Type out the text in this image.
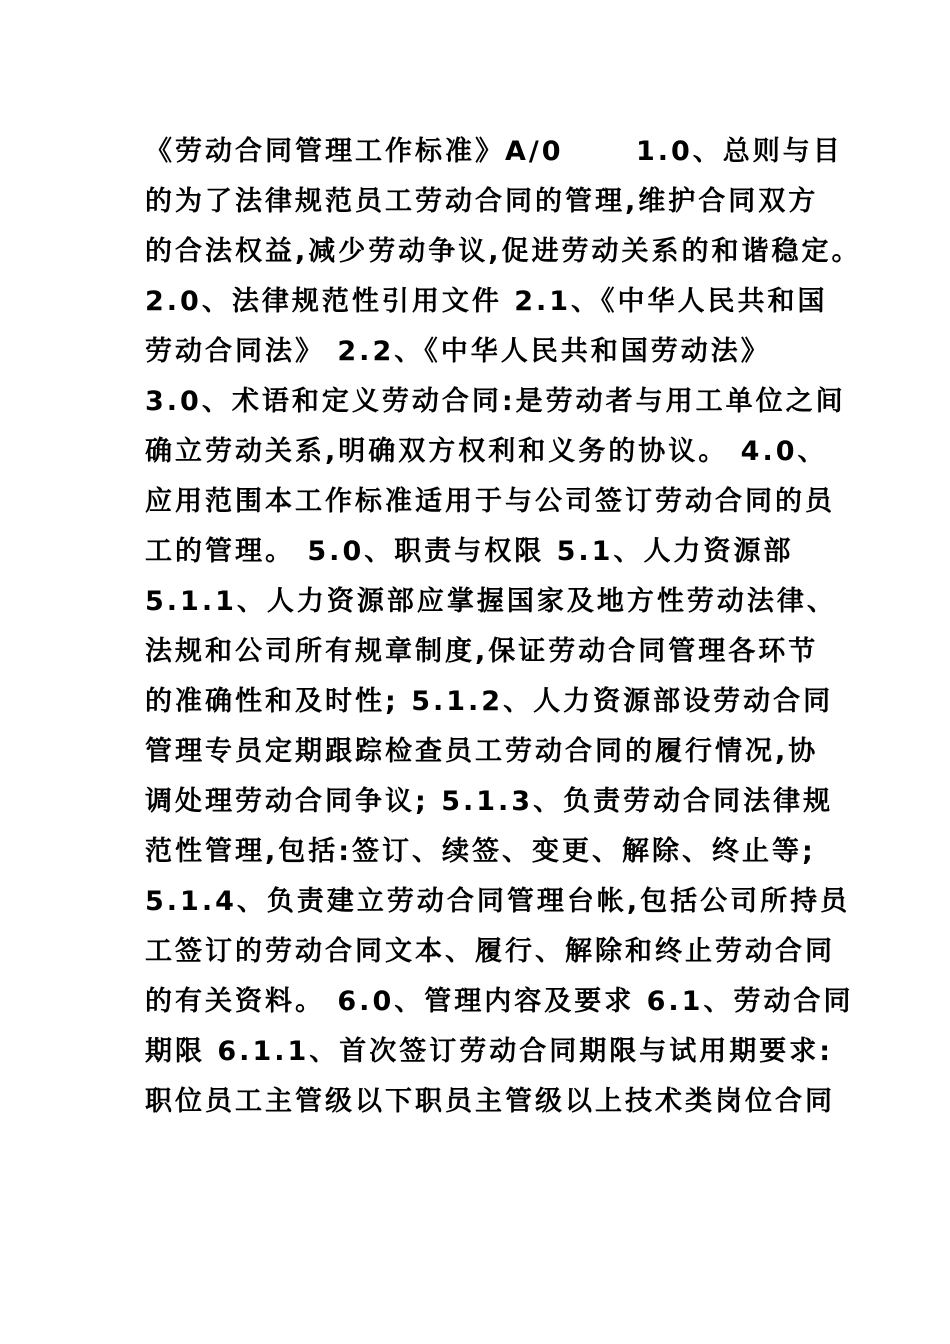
《劳动合同管理工作标准》A/0　　 1.0、总则与目
的为了法律规范员工劳动合同的管理,维护合同双方
的合法权益,减少劳动争议,促进劳动关系的和谐稳定。
2.0、法律规范性引用文件 2.1、《中华人民共和国
劳动合同法》 2.2、《中华人民共和国劳动法》
3.0、术语和定义劳动合同:是劳动者与用工单位之间
确立劳动关系,明确双方权利和义务的协议。 4.0、
应用范围本工作标准适用于与公司签订劳动合同的员
工的管理。 5.0、职责与权限 5.1、人力资源部
5.1.1、人力资源部应掌握国家及地方性劳动法律、
法规和公司所有规章制度,保证劳动合同管理各环节
的准确性和及时性; 5.1.2、人力资源部设劳动合同
管理专员定期跟踪检查员工劳动合同的履行情况,协
调处理劳动合同争议; 5.1.3、负责劳动合同法律规
范性管理,包括:签订、续签、变更、解除、终止等;
5.1.4、负责建立劳动合同管理台帐,包括公司所持员
工签订的劳动合同文本、履行、解除和终止劳动合同
的有关资料。 6.0、管理内容及要求 6.1、劳动合同
期限 6.1.1、首次签订劳动合同期限与试用期要求:
职位员工主管级以下职员主管级以上技术类岗位合同
